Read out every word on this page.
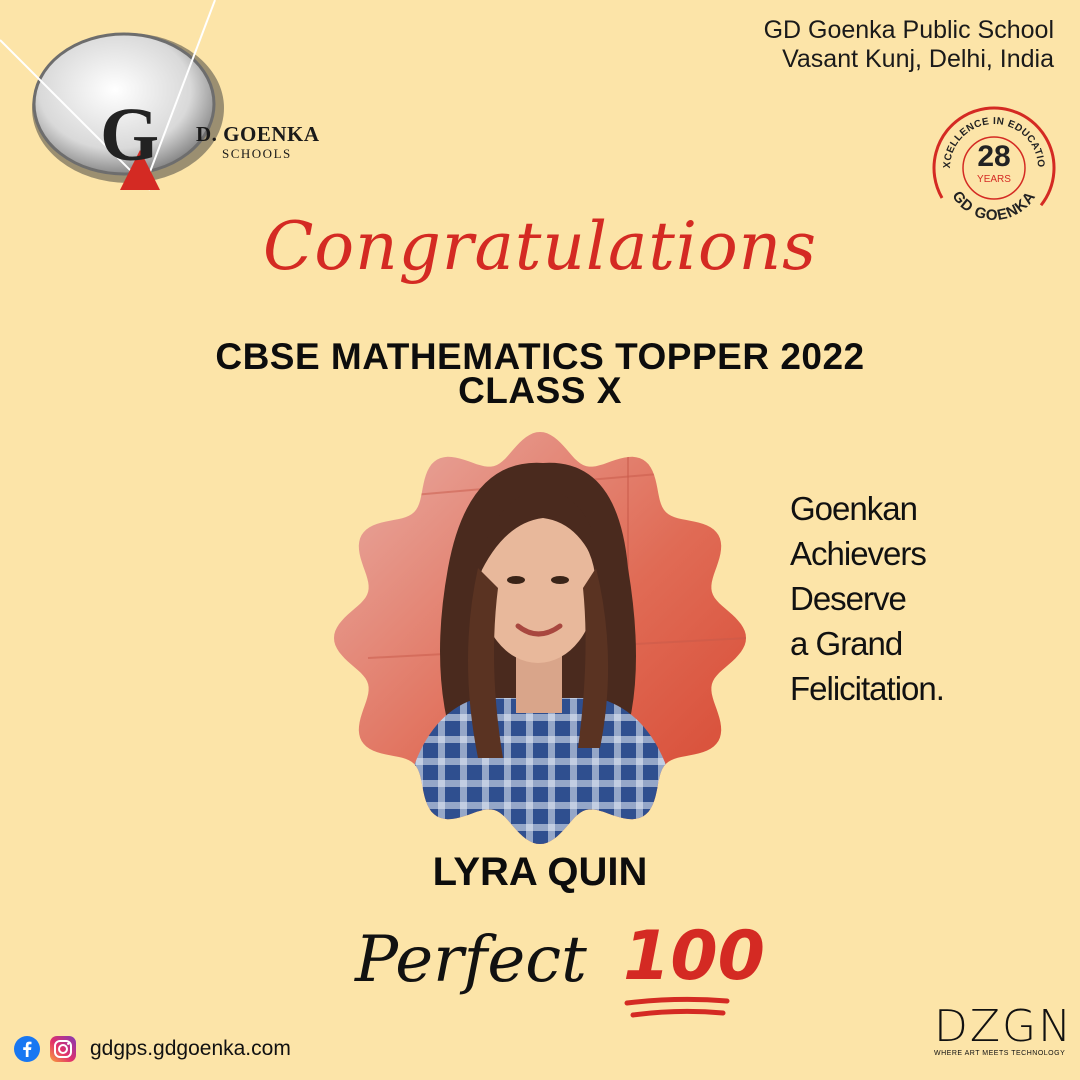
G D. GOENKA
SCHOOLS
GD Goenka Public School
Vasant Kunj, Delhi, India
XCELLENCE IN EDUCATIO
28
YEARS
GD GOENKA
Congratulations
CBSE MATHEMATICS TOPPER 2022
CLASS X
Goenkan
Achievers
Deserve
a Grand
Felicitation.
LYRA QUIN
Perfect 100
gdgps.gdgoenka.com	DZGN
WHERE ART MEETS TECHNOLOGY
